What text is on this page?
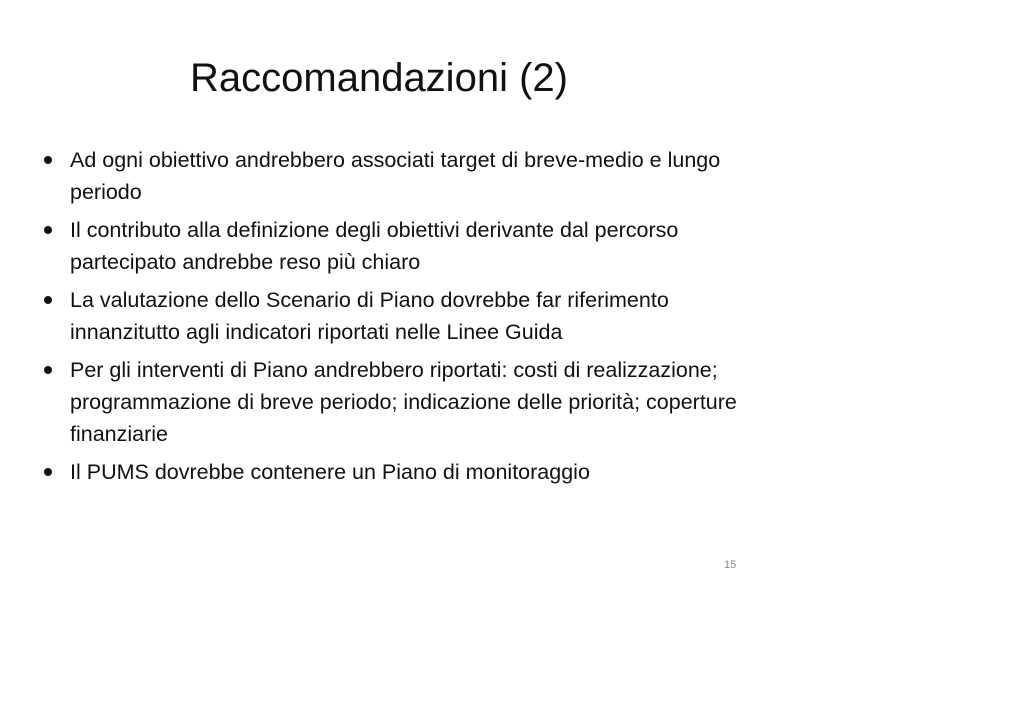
Raccomandazioni (2)
Ad ogni obiettivo andrebbero associati target di breve-medio e lungo periodo
Il contributo alla definizione degli obiettivi derivante dal percorso partecipato andrebbe reso più chiaro
La valutazione dello Scenario di Piano dovrebbe far riferimento innanzitutto agli indicatori riportati nelle Linee Guida
Per gli interventi di Piano andrebbero riportati: costi di realizzazione; programmazione di breve periodo; indicazione delle priorità; coperture finanziarie
Il PUMS dovrebbe contenere un Piano di monitoraggio
15
